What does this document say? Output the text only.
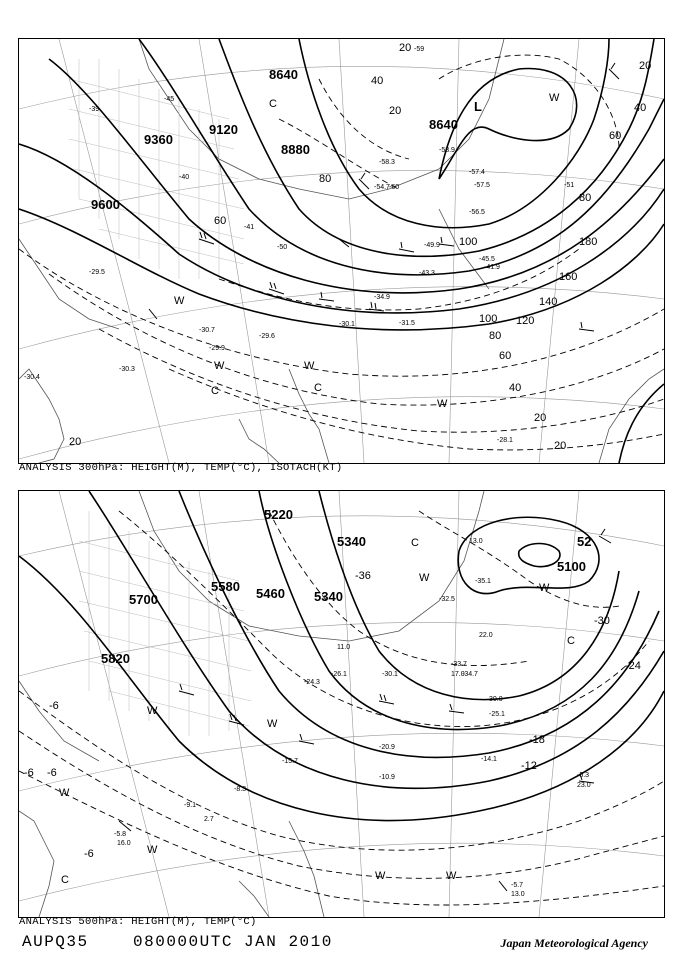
9600
9360
9120
8880
8640
8640
20
40
60
80
100 120
140
160
180
80
60
40
20
20
40
20
80
100
20
60
20
-29.5
-30.4
-30.7
-29.9
-29.6
-30.1	-31.5
-34.9
-43.3
-45.5
-41.9
-49.9
-57.4
-57.5
-56.5
-54.7
-53.9
-58.3
-28.1
-30.3
-39
-40
-41
-45
-50
-51
-60
-59
W
W	W
W
C	C
L
W
C
ANALYSIS 300hPa: HEIGHT(M), TEMP(°C), ISOTACH(KT)
5820
5700
5580 5460 5340
5340
5220
5100
52
-6
-6
-6
-6
-12
-18
-24
-30
-36
-5.8
16.0
-9.1
2.7
-8.3
-15.7
-24.3
-26.1	-30.1
-33.7
-32.5
-34.7
-35.1
-25.1
-20.9
-10.9
-14.1
-5.3
-5.7
13.0
23.0
30.0
22.0
17.0
11.0
13.0
W
W
W	W
W
W
C
C
W
W
C
ANALYSIS 500hPa: HEIGHT(M), TEMP(°C)
AUPQ35	080000UTC JAN 2010	Japan Meteorological Agency
